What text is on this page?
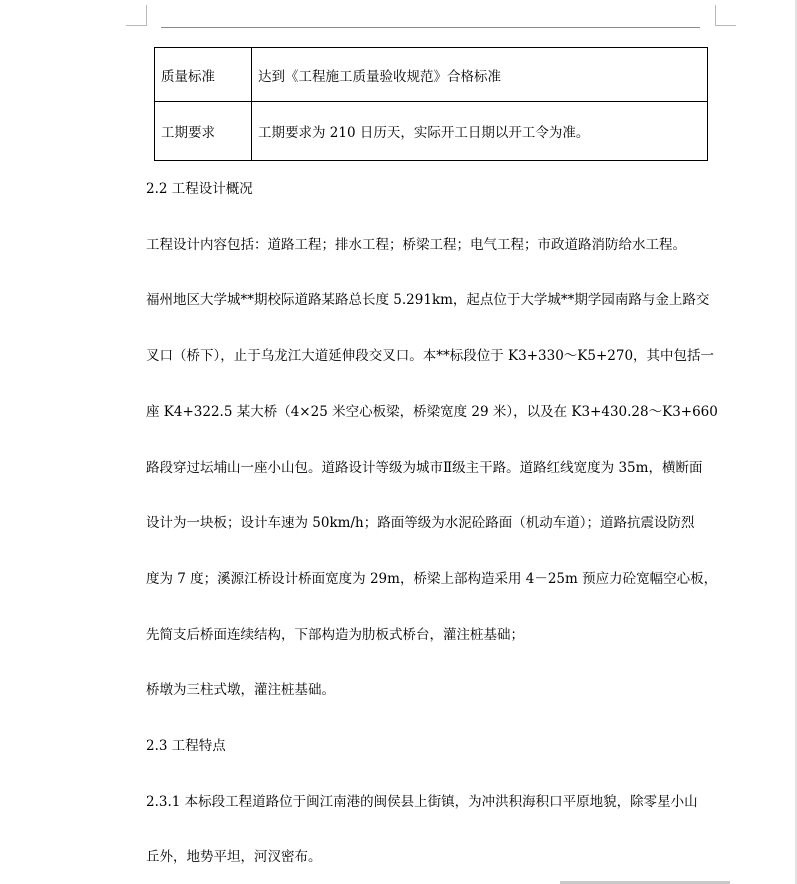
质量标准	达到《工程施工质量验收规范》合格标准
工期要求	工期要求为 210 日历天，实际开工日期以开工令为准。
2.2 工程设计概况
工程设计内容包括：道路工程；排水工程；桥梁工程；电气工程；市政道路消防给水工程。
福州地区大学城**期校际道路某路总长度 5.291km，起点位于大学城**期学园南路与金上路交
叉口（桥下），止于乌龙江大道延伸段交叉口。本**标段位于 K3+330～K5+270，其中包括一
座 K4+322.5 某大桥（4×25 米空心板梁，桥梁宽度 29 米），以及在 K3+430.28～K3+660
路段穿过坛埔山一座小山包。道路设计等级为城市Ⅱ级主干路。道路红线宽度为 35m，横断面
设计为一块板；设计车速为 50km/h；路面等级为水泥砼路面（机动车道）；道路抗震设防烈
度为 7 度；溪源江桥设计桥面宽度为 29m，桥梁上部构造采用 4－25m 预应力砼宽幅空心板，
先简支后桥面连续结构，下部构造为肋板式桥台，灌注桩基础；
桥墩为三柱式墩，灌注桩基础。
2.3 工程特点
2.3.1 本标段工程道路位于闽江南港的闽侯县上街镇，为冲洪积海积口平原地貌，除零星小山
丘外，地势平坦，河汊密布。
